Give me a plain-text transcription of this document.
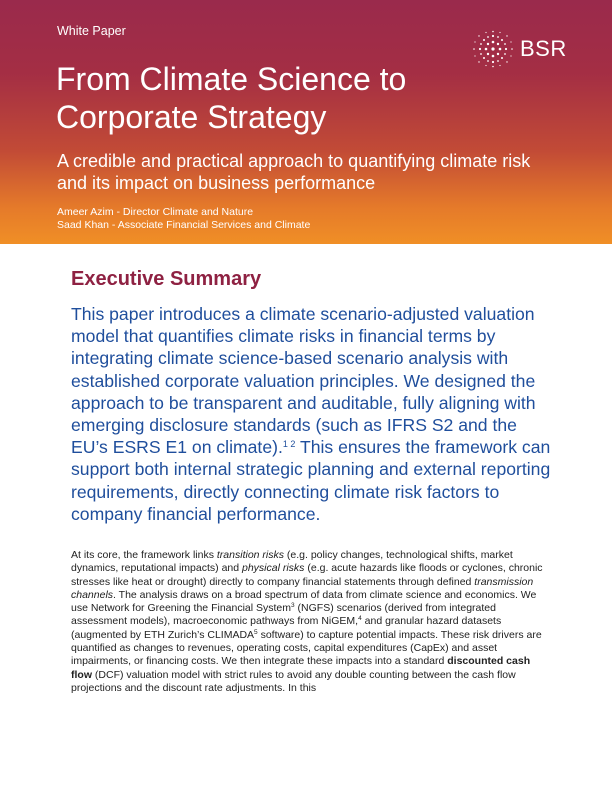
White Paper
BSR
From Climate Science to
Corporate Strategy

A credible and practical approach to quantifying climate risk and its impact on business performance

Ameer Azim - Director Climate and Nature
Saad Khan - Associate Financial Services and Climate
Executive Summary

This paper introduces a climate scenario-adjusted valuation model that quantifies climate risks in financial terms by integrating climate science-based scenario analysis with established corporate valuation principles. We designed the approach to be transparent and auditable, fully aligning with emerging disclosure standards (such as IFRS S2 and the EU’s ESRS E1 on climate).$^{1 2}$ This ensures the framework can support both internal strategic planning and external reporting requirements, directly connecting climate risk factors to company financial performance.

At its core, the framework links transition risks (e.g. policy changes, technological shifts, market dynamics, reputational impacts) and physical risks (e.g. acute hazards like floods or cyclones, chronic stresses like heat or drought) directly to company financial statements through defined transmission channels. The analysis draws on a broad spectrum of data from climate science and economics. We use Network for Greening the Financial System$^3$ (NGFS) scenarios (derived from integrated assessment models), macroeconomic pathways from NiGEM,$^4$ and granular hazard datasets (augmented by ETH Zurich’s CLIMADA$^5$ software) to capture potential impacts. These risk drivers are quantified as changes to revenues, operating costs, capital expenditures (CapEx) and asset impairments, or financing costs. We then integrate these impacts into a standard discounted cash flow (DCF) valuation model with strict rules to avoid any double counting between the cash flow projections and the discount rate adjustments. In this
